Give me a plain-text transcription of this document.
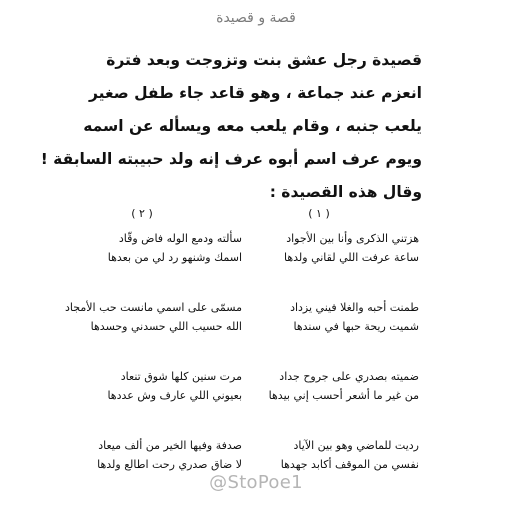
قصة و قصيدة
قصيدة رجل عشق بنت وتزوجت وبعد فترة
انعزم عند جماعة ، وهو قاعد جاء طفل صغير
يلعب جنبه ، وقام يلعب معه ويسأله عن اسمه
ويوم عرف اسم أبوه عرف إنه ولد حبيبته السابقة !
وقال هذه القصيدة :
( ١ )
هزتني الذكرى وأنا بين الأجواد
ساعة عرفت اللي لقاني ولدها
طمنت أحبه والغلا فيني يزداد
شميت ريحة حبها في سندها
ضميته بصدري على جروح جداد
من غير ما أشعر أحسب إني بيدها
رديت للماضي وهو بين الآياد
نفسي من الموقف أكابد جهدها
( ٢ )
سألته ودمع الوله فاض وقّاد
اسمك وشنهو رد لي من بعدها
مسمّى على اسمي مانست حب الأمجاد
الله حسيب اللي حسدني وحسدها
مرت سنين كلها شوق تنعاد
بعيوني اللي عارف وش عددها
صدفة وفيها الخير من ألف ميعاد
لا ضاق صدري رحت اطالع ولدها
@StoPoe1
